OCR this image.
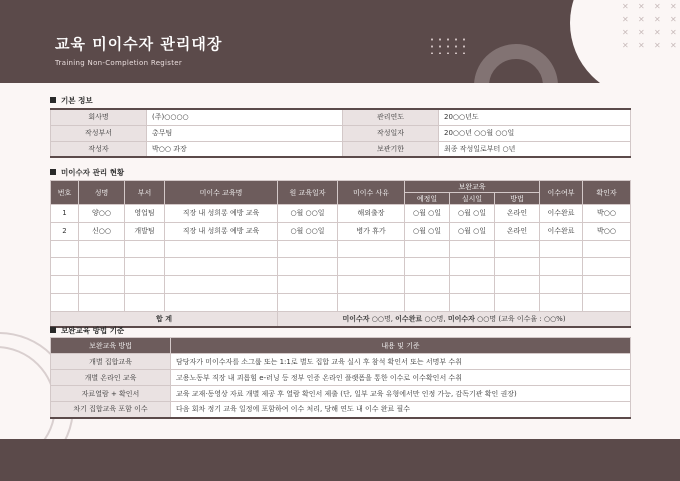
교육 미이수자 관리대장
Training Non-Completion Register
✕ ✕ ✕ ✕
✕ ✕ ✕ ✕
✕ ✕ ✕ ✕
✕ ✕ ✕ ✕
기본 정보
회사명	(주)○○○○	관리연도	20○○년도
작성부서	총무팀	작성일자	20○○년 ○○월 ○○일
작성자	박○○ 과장	보관기한	최종 작성일로부터 ○년
미이수자 관리 현황
번호	성명	부서	미이수 교육명	원 교육일자	미이수 사유	보완교육			이수여부	확인자
						예정일	실시일	방법		
1	양○○	영업팀	직장 내 성희롱 예방 교육	○월 ○○일	해외출장	○월 ○일	○월 ○일	온라인	이수완료	박○○
2	신○○	개발팀	직장 내 성희롱 예방 교육	○월 ○○일	병가 휴가	○월 ○일	○월 ○일	온라인	이수완료	박○○

합 계				미이수자 ○○명, 이수완료 ○○명, 미이수자 ○○명 (교육 이수율 : ○○%)						
보완교육 방법 기준
보완교육 방법	내용 및 기준
개별 집합교육	담당자가 미이수자를 소그룹 또는 1:1로 별도 집합 교육 실시 후 참석 확인서 또는 서명부 수취
개별 온라인 교육	고용노동부 직장 내 괴롭힘 e-러닝 등 정부 인증 온라인 플랫폼을 통한 이수로 이수확인서 수취
자료열람 + 확인서	교육 교재·동영상 자료 개별 제공 후 열람 확인서 제출 (단, 일부 교육 유형에서만 인정 가능, 감독기관 확인 권장)
차기 집합교육 포함 이수	다음 회차 정기 교육 일정에 포함하여 이수 처리, 당해 연도 내 이수 완료 필수
